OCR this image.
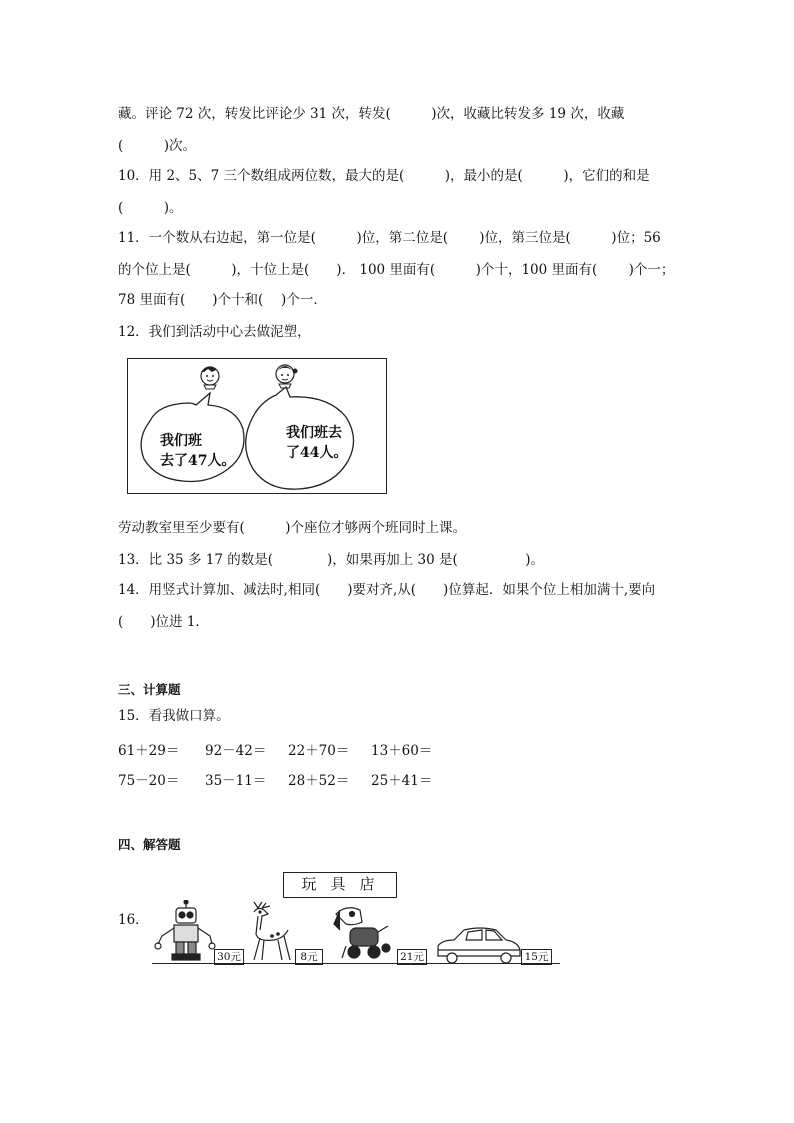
藏。评论 72 次，转发比评论少 31 次，转发(　　　)次，收藏比转发多 19 次，收藏
(　　　)次。
10．用 2、5、7 三个数组成两位数，最大的是(　　　)，最小的是(　　　)，它们的和是
(　　　)。
11．一个数从右边起，第一位是(　　　)位，第二位是(　　 )位，第三位是(　　　)位；56
的个位上是(　　　)，十位上是(　　)． 100 里面有(　　　)个十，100 里面有(　　 )个一；
78 里面有(　　)个十和(　 )个一．
12．我们到活动中心去做泥塑，
我们班
去了47人。
我们班去
了44人。
劳动教室里至少要有(　　　)个座位才够两个班同时上课。
13．比 35 多 17 的数是(　　　　)，如果再加上 30 是(　　　　　)。
14．用竖式计算加、减法时,相同(　　)要对齐,从(　　)位算起．如果个位上相加满十,要向
(　　)位进 1．
三、计算题
15．看我做口算。
61＋29＝ 92－42＝ 22＋70＝ 13＋60＝
75－20＝ 35－11＝ 28＋52＝ 25＋41＝
四、解答题
玩具店
16．
30元	8元	21元	15元
